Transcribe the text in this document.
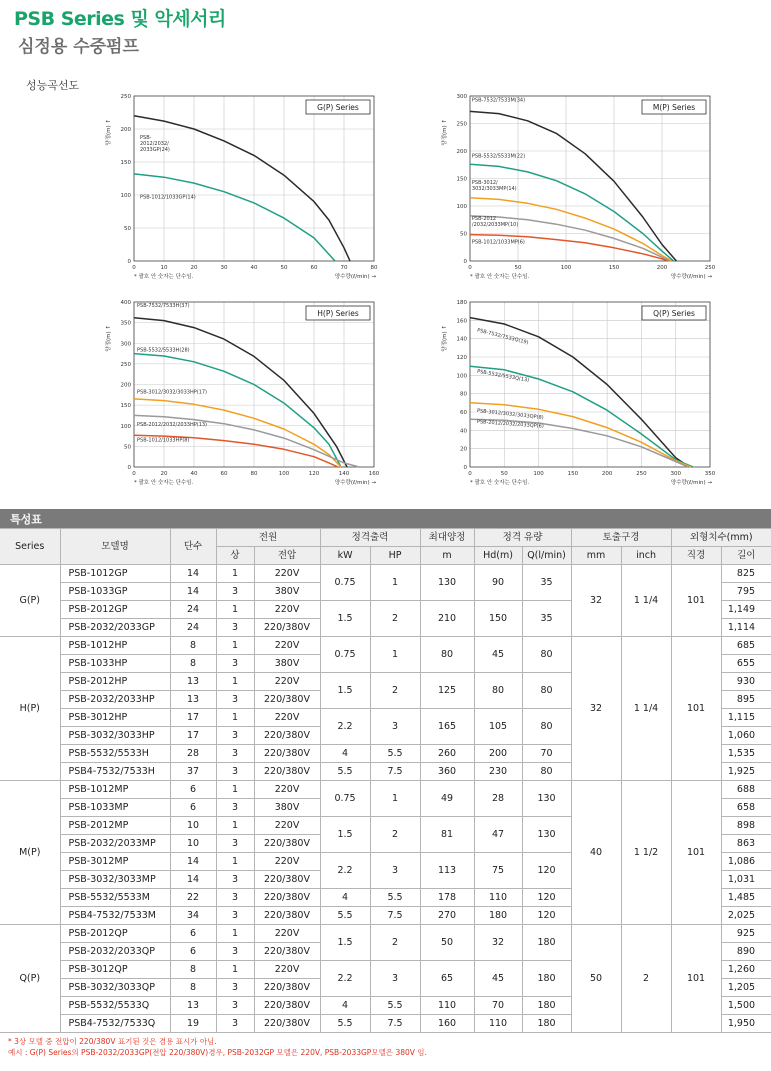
PSB Series 및 악세서리
심정용 수중펌프
성능곡선도
0	10	20	30	40	50	60	70	80
0
50
100
150
200
250
양정(m) ↑
양수량(ℓ/min) →
* 괄호 안 숫자는 단수임.
PSB-2012/2032/ 2033GP(24)
PSB-1012/1033GP(14)
G(P) Series
0	50	100	150	200	250
0
50
100
150
200
250
300
양정(m) ↑
양수량(ℓ/min) →
* 괄호 안 숫자는 단수임.
PSB-7532/7533M(34)
PSB-5532/5533M(22)
PSB-3012/ 3032/3033MP(14)
PSB-2012 /2032/2033MP(10)
PSB-1012/1033MP(6)
M(P) Series
0	20	40	60	80	100	120	140	160
0
50
100
150
200
250
300
350
400
양정(m) ↑
양수량(ℓ/min) →
* 괄호 안 숫자는 단수임.
PSB-7532/7533H(37)
PSB-5532/5533H(28)
PSB-3012/3032/3033HP(17)
PSB-2012/2032/2033HP(13)
PSB-1012/1033HP(8)
H(P) Series
0	50	100	150	200	250	300	350
0
20
40
60
80
100
120
140
160
180
양정(m) ↑
양수량(ℓ/min) →
* 괄호 안 숫자는 단수임.
PSB-7532/7533Q(19)
PSB-5532/5533Q(13)
PSB-3012/3032/3033QP(8)
PSB-2012/2032/2033QP(6)
Q(P) Series
특성표
Series	모델명	단수	전원		정격출력		최대양정	정격 유량		토출구경		외형치수(mm)	
			상	전압	kW	HP	m	Hd(m)	Q(l/min)	mm	inch	직경	길이
G(P)	PSB-1012GP	14	1	220V	0.75	1	130	90	35	32	1 1/4	101	825
	PSB-1033GP	14	3	380V									795
	PSB-2012GP	24	1	220V	1.5	2	210	150	35				1,149
	PSB-2032/2033GP	24	3	220/380V									1,114
H(P)	PSB-1012HP	8	1	220V	0.75	1	80	45	80	32	1 1/4	101	685
	PSB-1033HP	8	3	380V									655
	PSB-2012HP	13	1	220V	1.5	2	125	80	80				930
	PSB-2032/2033HP	13	3	220/380V									895
	PSB-3012HP	17	1	220V	2.2	3	165	105	80				1,115
	PSB-3032/3033HP	17	3	220/380V									1,060
	PSB-5532/5533H	28	3	220/380V	4	5.5	260	200	70				1,535
	PSB4-7532/7533H	37	3	220/380V	5.5	7.5	360	230	80				1,925
M(P)	PSB-1012MP	6	1	220V	0.75	1	49	28	130	40	1 1/2	101	688
	PSB-1033MP	6	3	380V									658
	PSB-2012MP	10	1	220V	1.5	2	81	47	130				898
	PSB-2032/2033MP	10	3	220/380V									863
	PSB-3012MP	14	1	220V	2.2	3	113	75	120				1,086
	PSB-3032/3033MP	14	3	220/380V									1,031
	PSB-5532/5533M	22	3	220/380V	4	5.5	178	110	120				1,485
	PSB4-7532/7533M	34	3	220/380V	5.5	7.5	270	180	120				2,025
Q(P)	PSB-2012QP	6	1	220V	1.5	2	50	32	180	50	2	101	925
	PSB-2032/2033QP	6	3	220/380V									890
	PSB-3012QP	8	1	220V	2.2	3	65	45	180				1,260
	PSB-3032/3033QP	8	3	220/380V									1,205
	PSB-5532/5533Q	13	3	220/380V	4	5.5	110	70	180				1,500
	PSB4-7532/7533Q	19	3	220/380V	5.5	7.5	160	110	180				1,950
* 3상 모델 중 전압이 220/380V 표기된 것은 겸용 표시가 아님.
예시 : G(P) Series의 PSB-2032/2033GP(전압 220/380V)경우, PSB-2032GP 모델은 220V, PSB-2033GP모델은 380V 임.
